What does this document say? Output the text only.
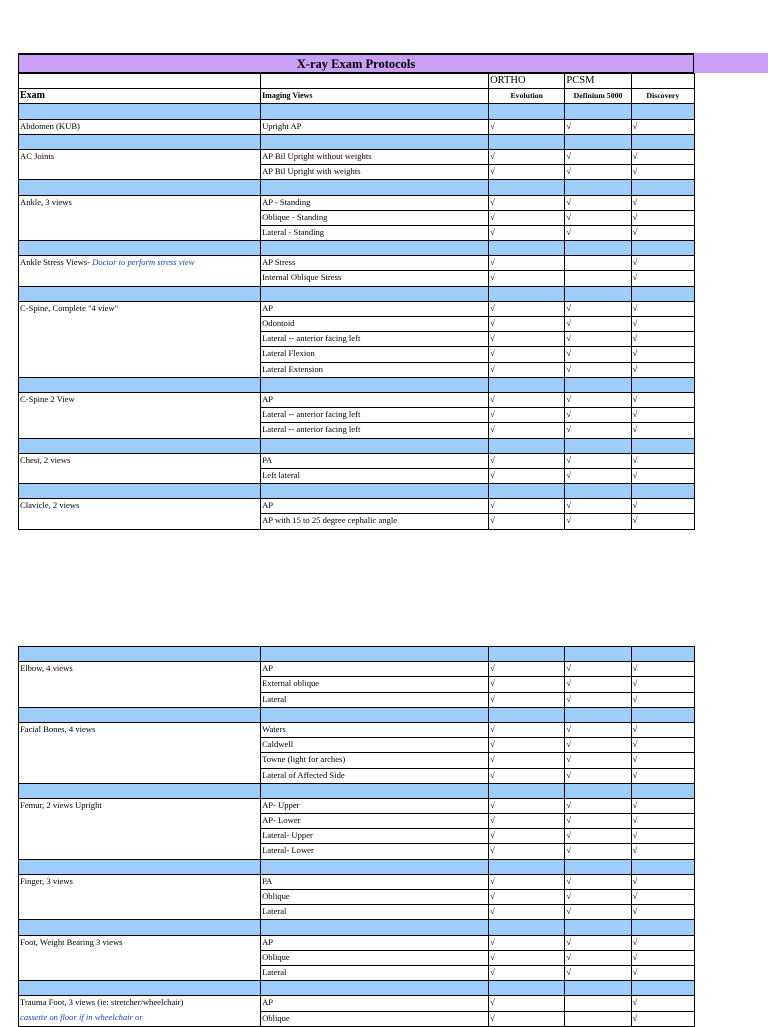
X-ray Exam Protocols
		ORTHO	PCSM	
Exam	Imaging Views	Evolution	Definium 5000	Discovery

Abdomen (KUB)	Upright AP	√	√	√

AC Joints	AP Bil Upright without weights	√	√	√
	AP Bil Upright with weights	√	√	√

Ankle, 3 views	AP - Standing	√	√	√
	Oblique - Standing	√	√	√
	Lateral - Standing	√	√	√

Ankle Stress Views- Doctor to perform stress view	AP Stress	√		√
	Internal Oblique Stress	√		√

C-Spine, Complete "4 view"	AP	√	√	√
	Odontoid	√	√	√
	Lateral -- anterior facing left	√	√	√
	Lateral Flexion	√	√	√
	Lateral Extension	√	√	√

C-Spine 2 View	AP	√	√	√
	Lateral -- anterior facing left	√	√	√
	Lateral -- anterior facing left	√	√	√

Chest, 2 views	PA	√	√	√
	Left lateral	√	√	√

Clavicle, 2 views	AP	√	√	√
	AP with 15 to 25 degree cephalic angle	√	√	√

Elbow, 4 views	AP	√	√	√
	External oblique	√	√	√
	Lateral	√	√	√

Facial Bones, 4 views	Waters	√	√	√
	Caldwell	√	√	√
	Towne (light for arches)	√	√	√
	Lateral of Affected Side	√	√	√

Femur, 2 views Upright	AP- Upper	√	√	√
	AP- Lower	√	√	√
	Lateral- Upper	√	√	√
	Lateral- Lower	√	√	√

Finger, 3 views	PA	√	√	√
	Oblique	√	√	√
	Lateral	√	√	√

Foot, Weight Bearing 3 views	AP	√	√	√
	Oblique	√	√	√
	Lateral	√	√	√

Trauma Foot, 3 views (ie: stretcher/wheelchair)	AP	√		√
cassette on floor if in wheelchair or	Oblique	√		√
